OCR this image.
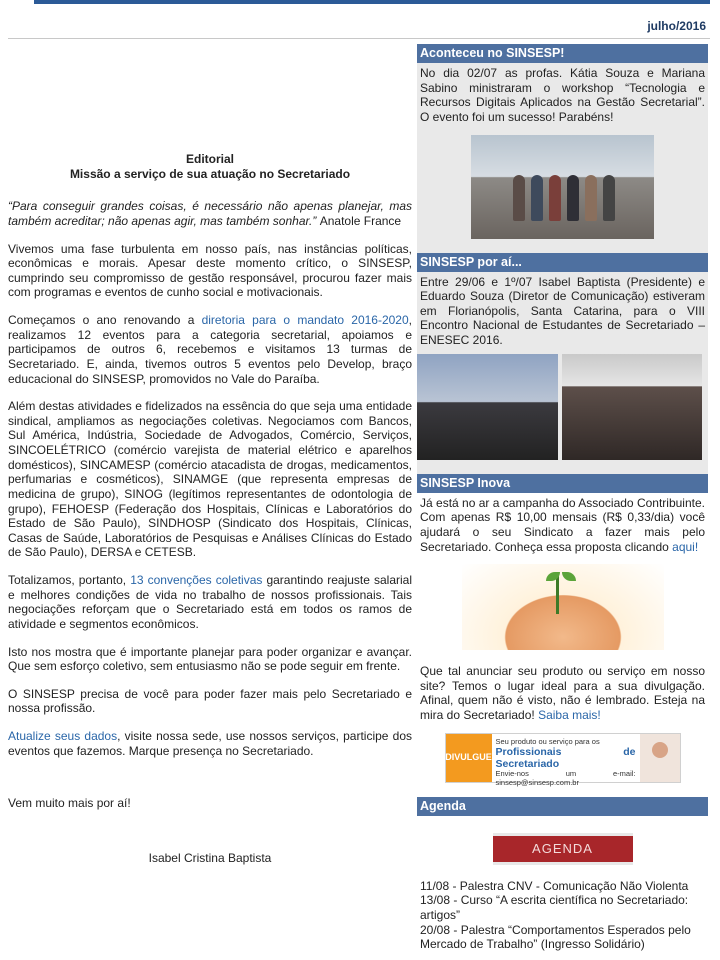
julho/2016
Editorial
Missão a serviço de sua atuação no Secretariado

“Para conseguir grandes coisas, é necessário não apenas planejar, mas também acreditar; não apenas agir, mas também sonhar.” Anatole France

Vivemos uma fase turbulenta em nosso país, nas instâncias políticas, econômicas e morais. Apesar deste momento crítico, o SINSESP, cumprindo seu compromisso de gestão responsável, procurou fazer mais com programas e eventos de cunho social e motivacionais.

Começamos o ano renovando a diretoria para o mandato 2016-2020, realizamos 12 eventos para a categoria secretarial, apoiamos e participamos de outros 6, recebemos e visitamos 13 turmas de Secretariado. E, ainda, tivemos outros 5 eventos pelo Develop, braço educacional do SINSESP, promovidos no Vale do Paraíba.

Além destas atividades e fidelizados na essência do que seja uma entidade sindical, ampliamos as negociações coletivas. Negociamos com Bancos, Sul América, Indústria, Sociedade de Advogados, Comércio, Serviços, SINCOELÉTRICO (comércio varejista de material elétrico e aparelhos domésticos), SINCAMESP (comércio atacadista de drogas, medicamentos, perfumarias e cosméticos), SINAMGE (que representa empresas de medicina de grupo), SINOG (legítimos representantes de odontologia de grupo), FEHOESP (Federação dos Hospitais, Clínicas e Laboratórios do Estado de São Paulo), SINDHOSP (Sindicato dos Hospitais, Clínicas, Casas de Saúde, Laboratórios de Pesquisas e Análises Clínicas do Estado de São Paulo), DERSA e CETESB.

Totalizamos, portanto, 13 convenções coletivas garantindo reajuste salarial e melhores condições de vida no trabalho de nossos profissionais. Tais negociações reforçam que o Secretariado está em todos os ramos de atividade e segmentos econômicos.

Isto nos mostra que é importante planejar para poder organizar e avançar. Que sem esforço coletivo, sem entusiasmo não se pode seguir em frente.

O SINSESP precisa de você para poder fazer mais pelo Secretariado e nossa profissão.

Atualize seus dados, visite nossa sede, use nossos serviços, participe dos eventos que fazemos. Marque presença no Secretariado.

Vem muito mais por aí!

Isabel Cristina Baptista
Aconteceu no SINSESP!

No dia 02/07 as profas. Kátia Souza e Mariana Sabino ministraram o workshop “Tecnologia e Recursos Digitais Aplicados na Gestão Secretarial”. O evento foi um sucesso! Parabéns!

SINSESP por aí...

Entre 29/06 e 1º/07 Isabel Baptista (Presidente) e Eduardo Souza (Diretor de Comunicação) estiveram em Florianópolis, Santa Catarina, para o VIII Encontro Nacional de Estudantes de Secretariado – ENESEC 2016.

SINSESP Inova

Já está no ar a campanha do Associado Contribuinte. Com apenas R$ 10,00 mensais (R$ 0,33/dia) você ajudará o seu Sindicato a fazer mais pelo Secretariado. Conheça essa proposta clicando aqui!

Que tal anunciar seu produto ou serviço em nosso site? Temos o lugar ideal para a sua divulgação. Afinal, quem não é visto, não é lembrado. Esteja na mira do Secretariado! Saiba mais!

DIVULGUE
Seu produto ou serviço para os
Profissionais de Secretariado
Envie-nos um e-mail: sinsesp@sinsesp.com.br
Agenda
AGENDA
11/08 - Palestra CNV - Comunicação Não Violenta
13/08 - Curso “A escrita científica no Secretariado: artigos”
20/08 - Palestra “Comportamentos Esperados pelo Mercado de Trabalho” (Ingresso Solidário)
